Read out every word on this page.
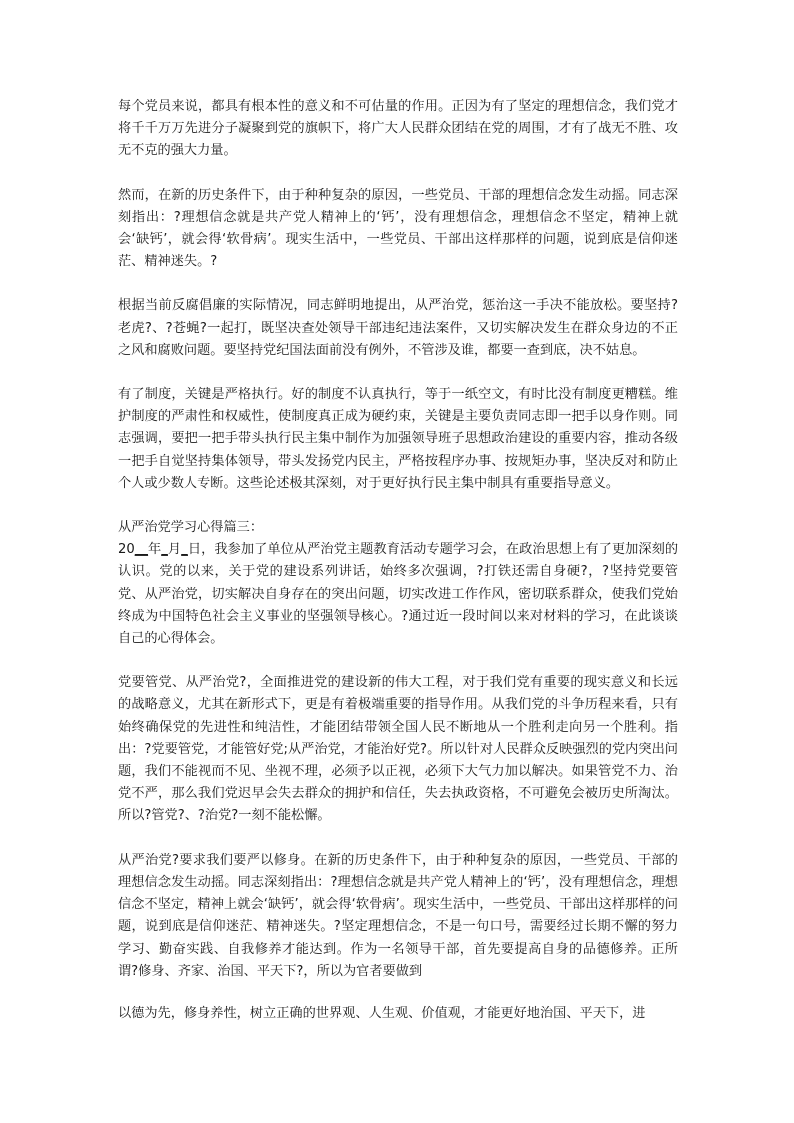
每个党员来说，都具有根本性的意义和不可估量的作用。正因为有了坚定的理想信念，我们党才将千千万万先进分子凝聚到党的旗帜下，将广大人民群众团结在党的周围，才有了战无不胜、攻无不克的强大力量。

然而，在新的历史条件下，由于种种复杂的原因，一些党员、干部的理想信念发生动摇。同志深刻指出：?理想信念就是共产党人精神上的‘钙’，没有理想信念，理想信念不坚定，精神上就会‘缺钙’，就会得‘软骨病’。现实生活中，一些党员、干部出这样那样的问题，说到底是信仰迷茫、精神迷失。?

根据当前反腐倡廉的实际情况，同志鲜明地提出，从严治党，惩治这一手决不能放松。要坚持?老虎?、?苍蝇?一起打，既坚决查处领导干部违纪违法案件，又切实解决发生在群众身边的不正之风和腐败问题。要坚持党纪国法面前没有例外，不管涉及谁，都要一查到底，决不姑息。

有了制度，关键是严格执行。好的制度不认真执行，等于一纸空文，有时比没有制度更糟糕。维护制度的严肃性和权威性，使制度真正成为硬约束，关键是主要负责同志即一把手以身作则。同志强调，要把一把手带头执行民主集中制作为加强领导班子思想政治建设的重要内容，推动各级一把手自觉坚持集体领导，带头发扬党内民主，严格按程序办事、按规矩办事，坚决反对和防止个人或少数人专断。这些论述极其深刻，对于更好执行民主集中制具有重要指导意义。

从严治党学习心得篇三：

20__年_月_日，我参加了单位从严治党主题教育活动专题学习会，在政治思想上有了更加深刻的认识。党的以来，关于党的建设系列讲话，始终多次强调，?打铁还需自身硬?，?坚持党要管党、从严治党，切实解决自身存在的突出问题，切实改进工作作风，密切联系群众，使我们党始终成为中国特色社会主义事业的坚强领导核心。?通过近一段时间以来对材料的学习，在此谈谈自己的心得体会。

党要管党、从严治党?，全面推进党的建设新的伟大工程，对于我们党有重要的现实意义和长远的战略意义，尤其在新形式下，更是有着极端重要的指导作用。从我们党的斗争历程来看，只有始终确保党的先进性和纯洁性，才能团结带领全国人民不断地从一个胜利走向另一个胜利。指出：?党要管党，才能管好党;从严治党，才能治好党?。所以针对人民群众反映强烈的党内突出问题，我们不能视而不见、坐视不理，必须予以正视，必须下大气力加以解决。如果管党不力、治党不严，那么我们党迟早会失去群众的拥护和信任，失去执政资格，不可避免会被历史所淘汰。所以?管党?、?治党?一刻不能松懈。

从严治党?要求我们要严以修身。在新的历史条件下，由于种种复杂的原因，一些党员、干部的理想信念发生动摇。同志深刻指出：?理想信念就是共产党人精神上的‘钙’，没有理想信念，理想信念不坚定，精神上就会‘缺钙’，就会得‘软骨病’。现实生活中，一些党员、干部出这样那样的问题，说到底是信仰迷茫、精神迷失。?坚定理想信念，不是一句口号，需要经过长期不懈的努力学习、勤奋实践、自我修养才能达到。作为一名领导干部，首先要提高自身的品德修养。正所谓?修身、齐家、治国、平天下?，所以为官者要做到

以德为先，修身养性，树立正确的世界观、人生观、价值观，才能更好地治国、平天下，进
